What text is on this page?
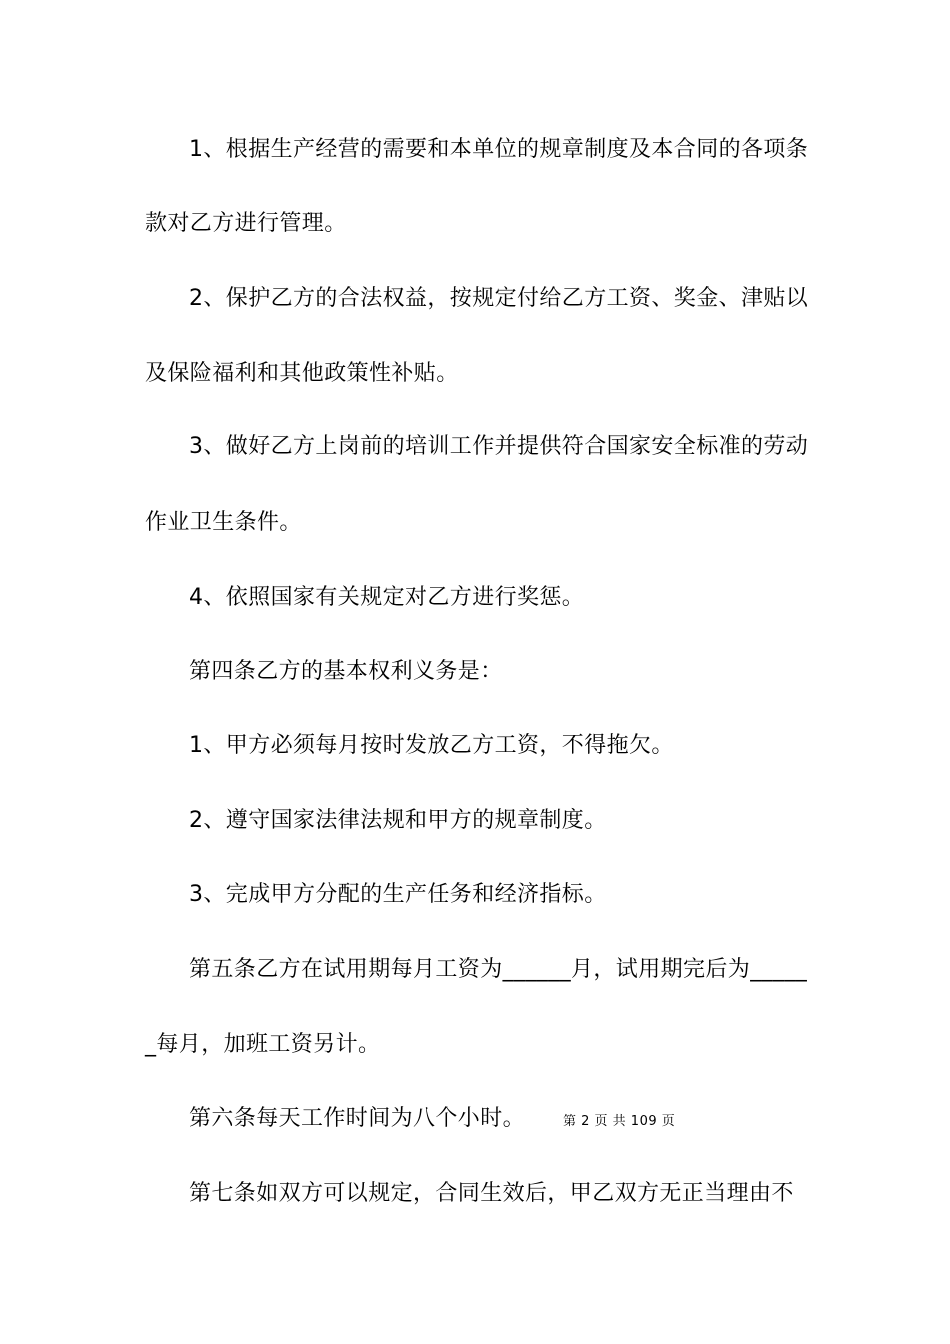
1、根据生产经营的需要和本单位的规章制度及本合同的各项条
款对乙方进行管理。
2、保护乙方的合法权益，按规定付给乙方工资、奖金、津贴以
及保险福利和其他政策性补贴。
3、做好乙方上岗前的培训工作并提供符合国家安全标准的劳动
作业卫生条件。
4、依照国家有关规定对乙方进行奖惩。
第四条乙方的基本权利义务是：
1、甲方必须每月按时发放乙方工资，不得拖欠。
2、遵守国家法律法规和甲方的规章制度。
3、完成甲方分配的生产任务和经济指标。
第五条乙方在试用期每月工资为______月，试用期完后为_____
_每月，加班工资另计。
第六条每天工作时间为八个小时。	第 2 页 共 109 页
第七条如双方可以规定，合同生效后，甲乙双方无正当理由不
